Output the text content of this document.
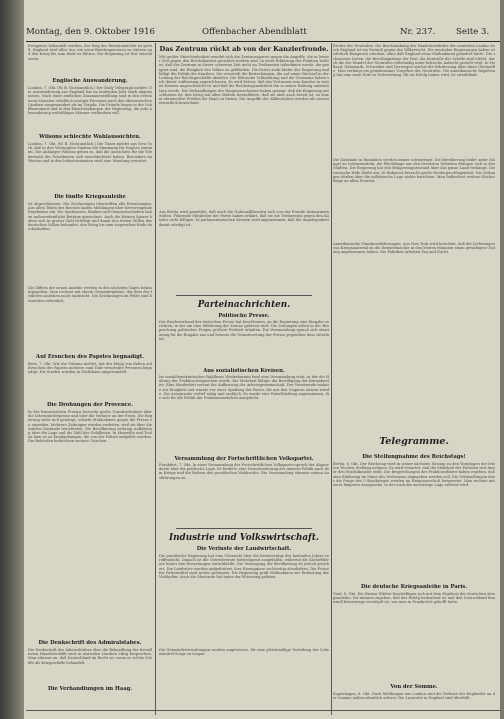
Montag, den 9. Oktober 1916	Offenbacher Abendblatt	Nr. 237. Seite 3.
Ereignisse behandelt werden, der Sieg der Ententemächte ist gewiß, England wird alles tun, um seine Bundesgenossen zu stützen und den Krieg bis zum Ende zu führen. Die Regierung ist fest entschlossen.
Englische Auswanderung.
London, 7. Okt. (W. B. Nichtamtlich.) Der Daily Telegraph meldet: Die Auswanderung aus England hat im laufenden Jahr stark abgenommen. Nach einer amtlichen Zusammenstellung sind in den ersten neun Monaten erheblich weniger Personen nach den überseeischen Ländern ausgewandert als im Vorjahr. Die Gründe liegen in der Schiffsraumnot und in den Einschränkungen der Regierung, die jede Abwanderung wehrfähiger Männer verhindern will.
Wilsons schlechte Wahlaussichten.
London, 7. Okt. (W. B. Nichtamtlich.) Die Times meldet aus New York, daß in den Vereinigten Staaten die Stimmung für Hughes zunimmt. Die Anhänger Wilsons geben zu, daß die Aussichten für die Wiederwahl des Präsidenten sich verschlechtert haben. Besonders im Westen und in den Industriestaaten wird eine Wendung erwartet.
Die fünfte Kriegsanleihe
ist abgeschlossen. Die Zeichnungen übertreffen alle Erwartungen. Aus allen Teilen des Reiches laufen Meldungen über hervorragende Ergebnisse ein. Die Sparkassen, Banken und Genossenschaften haben außerordentliche Beträge gezeichnet. Auch die kleinen Sparer haben sich in großer Zahl beteiligt und damit den festen Willen des deutschen Volkes bekundet, den Krieg bis zum siegreichen Ende durchzuhalten.
Die Ziffern der neuen Anleihe werden in den nächsten Tagen bekanntgegeben. Man rechnet mit einem Gesamtergebnis, das dem der früheren Anleihen nicht nachsteht. Die Zeichnungen im Felde sind besonders erfreulich.
Auf Ersuchen des Papstes begnadigt.
Bern, 7. Okt. Wie die Tribuna meldet, hat der König von Italien auf Ersuchen des Papstes mehrere zum Tode verurteilte Personen begnadigt. Die Strafen wurden in Zuchthaus umgewandelt.
Die Drohungen der Provence.
In der französischen Provinz herrscht große Unzufriedenheit über die Lebensmittelpreise und über die Verluste an der Front. Die Regierung sieht sich genötigt, scharfe Maßnahmen gegen die Presse zu ergreifen. Mehrere Zeitungen wurden verboten, weil sie über die wahren Zustände berichteten. Die Bevölkerung verlangt Aufklärung über die Lage und die Zahl der Gefallenen. In Marseille und Toulon kam es zu Kundgebungen, die von der Polizei aufgelöst wurden. Die Behörden befürchten weitere Unruhen.
Die Denkschrift des Admiralstabes.
Die Denkschrift des Admiralstabes über die Behandlung der bewaffneten Handelsschiffe wird in neutralen Ländern eifrig besprochen. Man erkennt an, daß Deutschland im Recht ist, wenn es solche Schiffe als Kriegsschiffe behandelt.
Die Verhandlungen im Haag.
Das Zentrum rückt ab von der Kanzlerfronde.
Mit großer Entschiedenheit wendet sich die Zentrumspartei gegen die Angriffe, die in letzter Zeit gegen den Reichskanzler gerichtet worden sind. In einer Erklärung der Fraktion heißt es, daß das Zentrum in dieser schweren Zeit nicht an Treibereien teilnehmen werde, die geeignet sind, die Einigkeit des Volkes zu gefährden. Die Partei steht hinter der Regierung und billigt die Politik des Kanzlers. Sie verurteilt die Bestrebungen, die auf einen Wechsel in der Leitung der Reichsgeschäfte abzielen. Die Kölnische Volkszeitung und die Germania haben sich dieser Auffassung angeschlossen. Es wird betont, daß das Vertrauen zum Kanzler in weiten Kreisen ungeschwächt ist und daß die Reichstagsmehrheit ihn in seiner Haltung unterstützen werde. Die Verhandlungen des Hauptausschusses haben gezeigt, daß die Regierung entschlossen ist, den Krieg mit allen Mitteln fortzuführen, daß sie aber auch bereit ist, zu einem ehrenvollen Frieden die Hand zu bieten. Die Angriffe der Alldeutschen werden als unverantwortlich bezeichnet.
Aus Berlin wird gemeldet, daß auch die Nationalliberalen sich von der Fronde distanzieren wollen. Führende Mitglieder der Partei haben erklärt, daß sie die Treibereien gegen den Kanzler nicht billigen. In parlamentarischen Kreisen wird angenommen, daß die Angelegenheit damit erledigt ist.
Parteinachrichten.
Politische Presse.
Der Reichsverband der deutschen Presse hat beschlossen, an die Regierung eine Eingabe zu richten, in der um eine Milderung der Zensur gebeten wird. Die Zeitungen sollen in der Besprechung politischer Fragen größere Freiheit erhalten. Die Versammlung sprach sich einstimmig für die Eingabe aus und betonte die Verantwortung der Presse gegenüber dem Vaterland.
Aus sozialistischen Kreisen.
Im sozialdemokratischen Wahlkreis Niederbarnim fand eine Versammlung statt, in der die Haltung der Fraktion besprochen wurde. Die Mehrheit billigte die Bewilligung der Kriegskredite. Eine Minderheit vertrat die Auffassung der Arbeitsgemeinschaft. Der Vorsitzende mahnte zur Einigkeit und warnte vor einer Spaltung der Partei, die nur den Gegnern nützen würde. Die Aussprache verlief ruhig und sachlich. Es wurde eine Entschließung angenommen, die sich für die Politik der Fraktionsmehrheit ausspricht.
Versammlung der Fortschrittlichen Volkspartei.
Frankfurt, 7. Okt. In einer Versammlung der Fortschrittlichen Volkspartei sprach der Abgeordnete über die politische Lage. Er forderte eine Neuorientierung der inneren Politik nach dem Kriege und die Reform des preußischen Wahlrechts. Die Versammlung stimmte seinen Ausführungen zu.
Industrie und Volkswirtschaft.
Die Verluste der Landwirtschaft.
Die preußische Regierung hat eine Übersicht über die Ernteerträge des laufenden Jahres veröffentlicht. Danach ist die Getreideernte befriedigend ausgefallen, während die Kartoffelernte hinter den Erwartungen zurückbleibt. Die Versorgung der Bevölkerung ist jedoch gesichert. Die Landwirte werden aufgefordert, ihre Erzeugnisse rechtzeitig abzuliefern. Die Preise für Futtermittel sind weiter gestiegen. Die Regierung prüft Maßnahmen zur Entlastung der Viehhalter. Auch die Obsternte hat unter der Witterung gelitten.
Die Gemeindeverwaltungen werden angewiesen, für eine gleichmäßige Verteilung der Lebensmittel Sorge zu tragen.
Rechte der Neutralen. Die Beschränkung des Handelsverkehrs der neutralen Länder durch England ist ein Verstoß gegen das Völkerrecht. Die neutralen Regierungen haben wiederholt Einspruch erhoben, ohne daß England seine Maßnahmen geändert hätte. Die schwarzen Listen, die Beschlagnahme der Post, die Kontrolle der Schiffe sind Mittel, durch die der Handel der Neutralen vollständig unter britische Aufsicht gestellt wird. In Holland, Dänemark, Schweden und Norwegen wächst die Erbitterung über diese Übergriffe. Man verlangt ein gemeinsames Vorgehen der Neutralen. Die amerikanische Regierung hat eine neue Note in Vorbereitung. Ob sie Erfolg haben wird, ist zweifelhaft.
Die Zustände in Rumänien werden immer schwieriger. Die Bevölkerung leidet unter Mangel an Lebensmitteln, die Flüchtlinge aus den besetzten Gebieten drängen sich in den Städten. Die Regierung hat den Belagerungszustand über das ganze Land verhängt. Die russische Hilfe bleibt aus. In Bukarest herrscht große Niedergeschlagenheit. Die Zeitungen dürfen über die militärische Lage nichts berichten. Man befürchtet weitere Rückschläge an allen Fronten.
Amerikanische Munitionslieferungen. Aus New York wird berichtet, daß die Lieferungen von Kriegsmaterial an die Ententemächte in den letzten Monaten einen gewaltigen Umfang angenommen haben. Die Fabriken arbeiten Tag und Nacht.
Telegramme.
Die Stellungnahme des Reichstags!
Berlin, 8. Okt. Der Reichstag wird in seiner nächsten Sitzung zu den Vorgängen der letzten Wochen Stellung nehmen. Es wird erwartet, daß die Mehrheit der Parteien sich hinter den Reichskanzler stellt. Die Besprechungen der Fraktionsführer haben ergeben, daß eine Erklärung im Sinne des Vertrauens abgegeben werden soll. Die Verhandlungen über die Frage des U-Bootkrieges werden im Hauptausschuß fortgesetzt. Man rechnet mit einer längeren Aussprache, in der auch die auswärtige Lage erörtert wird.
Die deutsche Kriegsanleihe in Paris.
Genf, 8. Okt. Die Pariser Blätter beschäftigen sich mit dem Ergebnis der deutschen Kriegsanleihe. Sie müssen zugeben, daß der Erfolg bedeutend ist und daß Deutschland finanziell keineswegs erschöpft ist, wie man in Frankreich gehofft hatte.
Von der Somme.
Kopenhagen, 8. Okt. Nach Meldungen aus London sind die Verluste der Engländer an der Somme außerordentlich schwer. Die Lazarette in England sind überfüllt.
